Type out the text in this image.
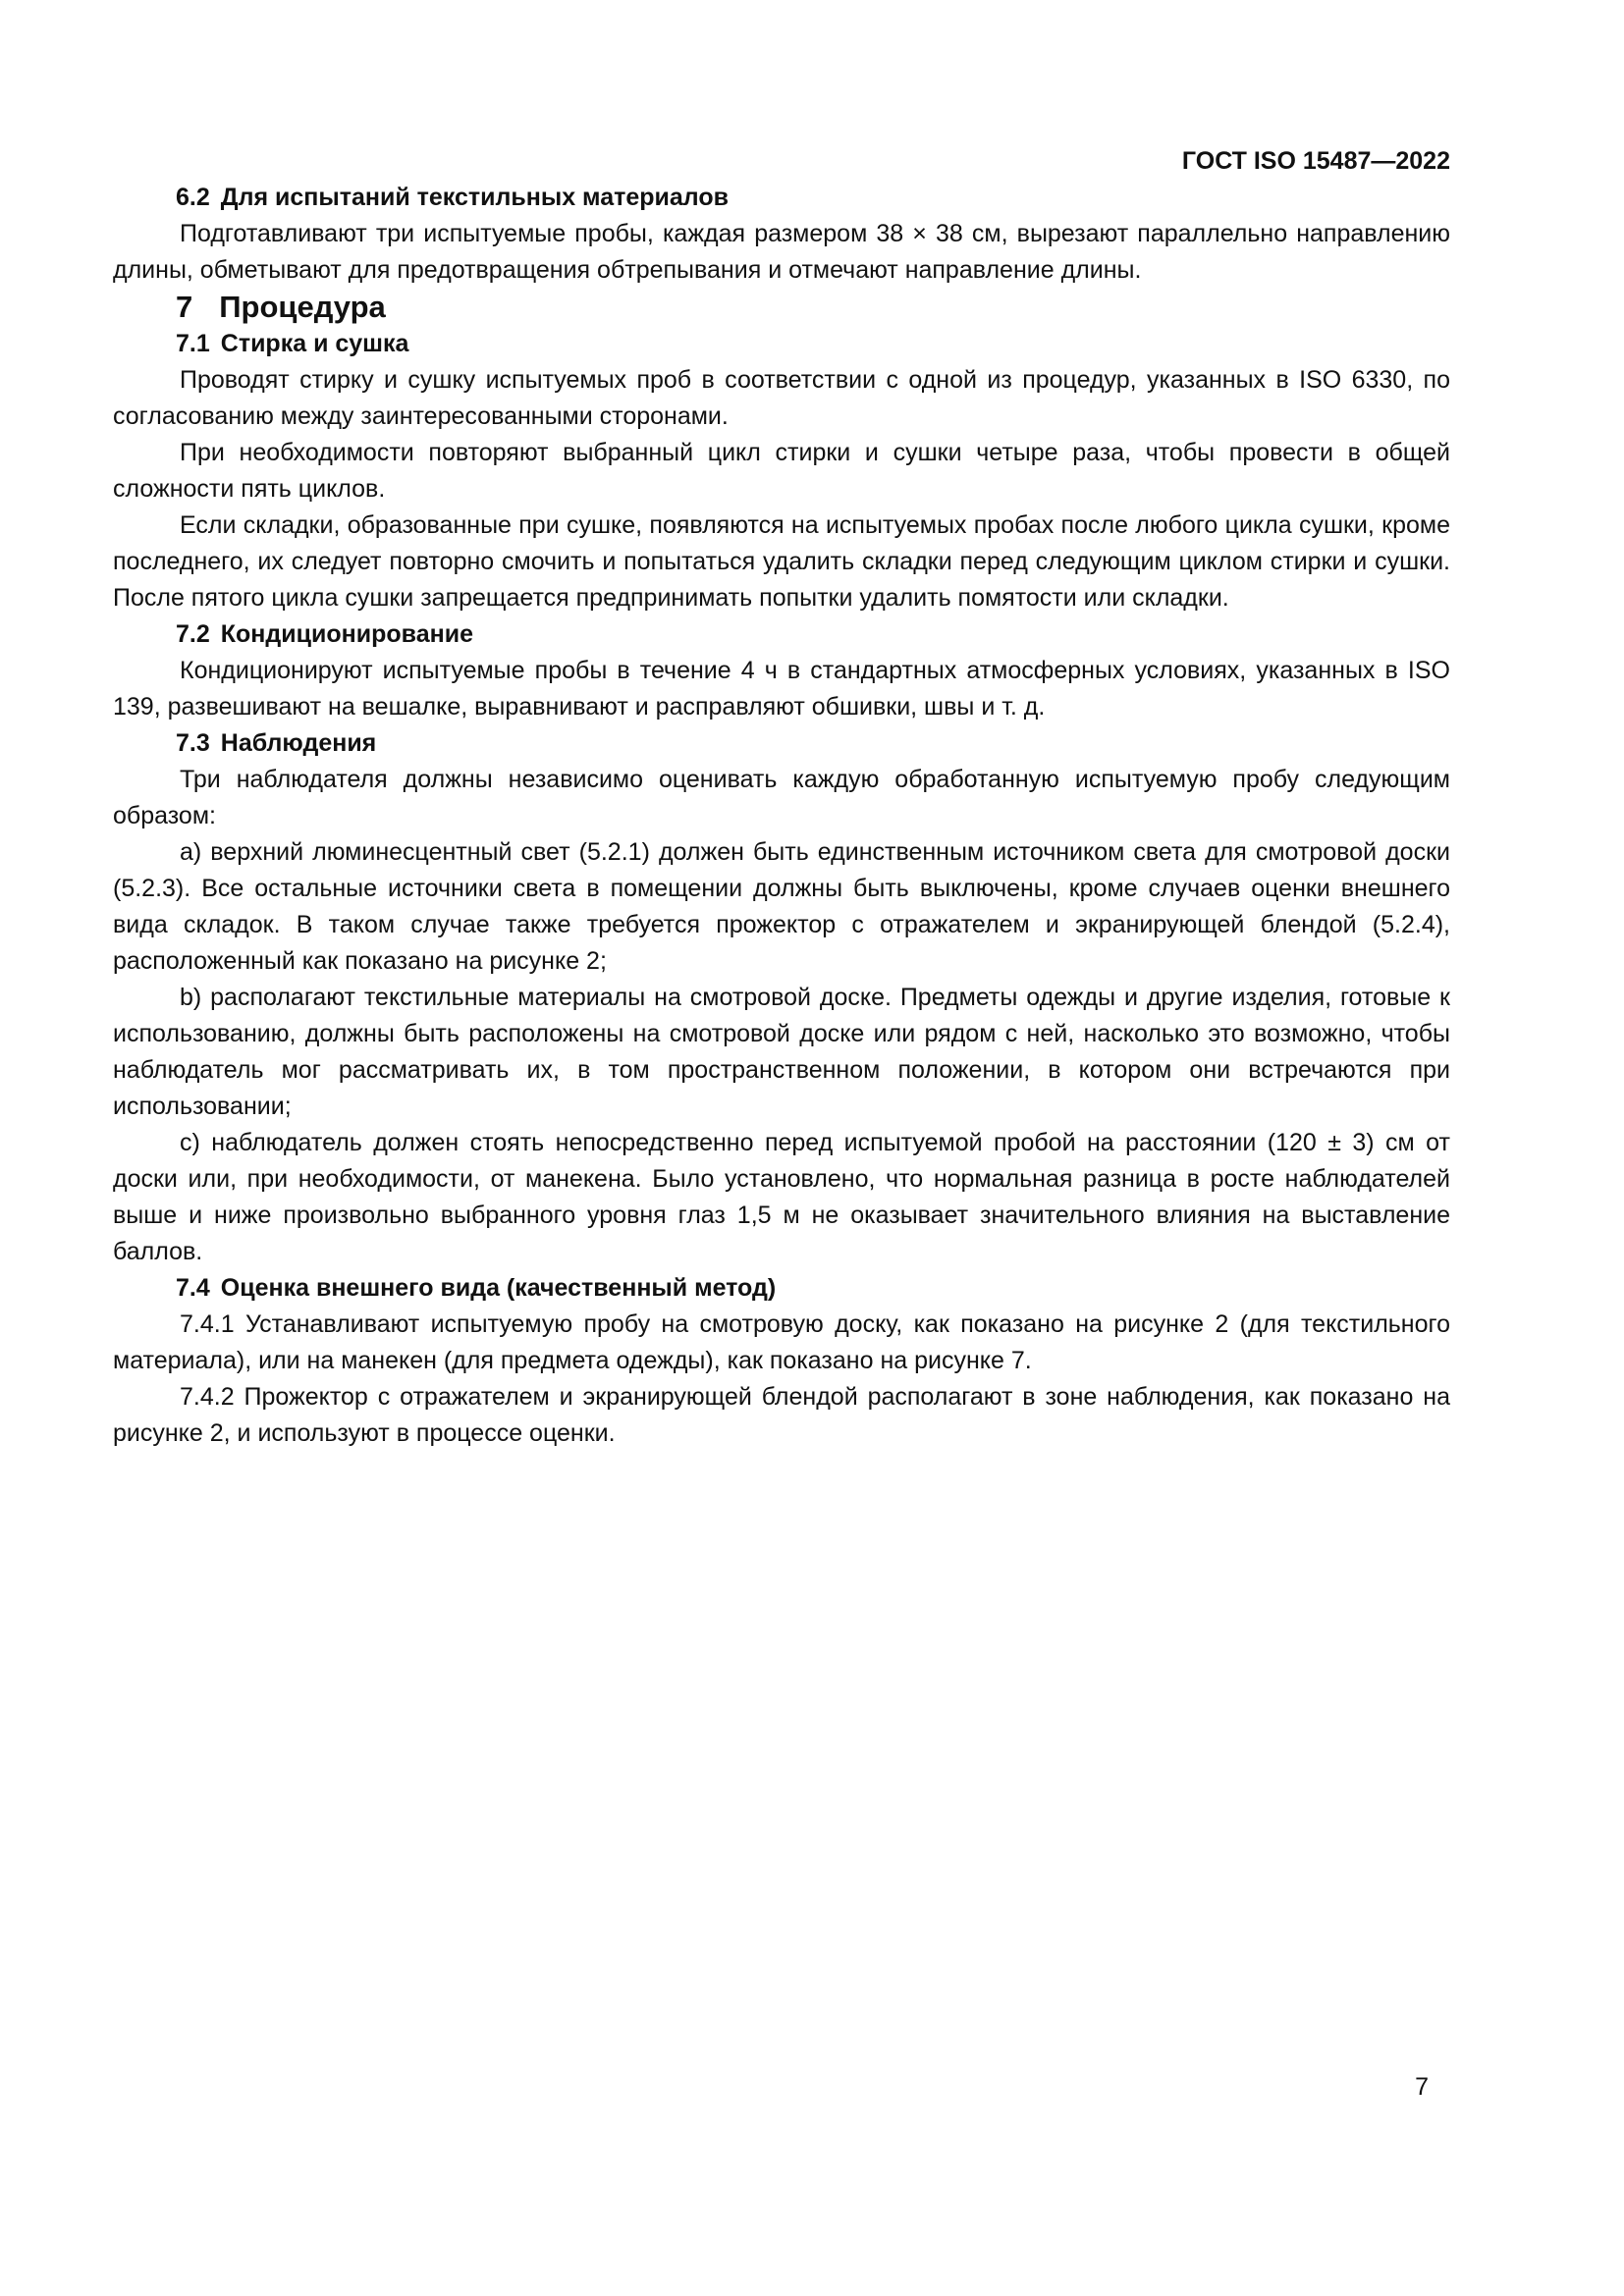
ГОСТ ISO 15487—2022

6.2 Для испытаний текстильных материалов

Подготавливают три испытуемые пробы, каждая размером 38 × 38 см, вырезают параллельно направлению длины, обметывают для предотвращения обтрепывания и отмечают направление длины.

7 Процедура
7.1 Стирка и сушка

Проводят стирку и сушку испытуемых проб в соответствии с одной из процедур, указанных в ISO 6330, по согласованию между заинтересованными сторонами.

При необходимости повторяют выбранный цикл стирки и сушки четыре раза, чтобы провести в общей сложности пять циклов.

Если складки, образованные при сушке, появляются на испытуемых пробах после любого цикла сушки, кроме последнего, их следует повторно смочить и попытаться удалить складки перед следующим циклом стирки и сушки. После пятого цикла сушки запрещается предпринимать попытки удалить помятости или складки.

7.2 Кондиционирование

Кондиционируют испытуемые пробы в течение 4 ч в стандартных атмосферных условиях, указанных в ISO 139, развешивают на вешалке, выравнивают и расправляют обшивки, швы и т. д.

7.3 Наблюдения

Три наблюдателя должны независимо оценивать каждую обработанную испытуемую пробу следующим образом:

a) верхний люминесцентный свет (5.2.1) должен быть единственным источником света для смотровой доски (5.2.3). Все остальные источники света в помещении должны быть выключены, кроме случаев оценки внешнего вида складок. В таком случае также требуется прожектор с отражателем и экранирующей блендой (5.2.4), расположенный как показано на рисунке 2;

b) располагают текстильные материалы на смотровой доске. Предметы одежды и другие изделия, готовые к использованию, должны быть расположены на смотровой доске или рядом с ней, насколько это возможно, чтобы наблюдатель мог рассматривать их, в том пространственном положении, в котором они встречаются при использовании;

c) наблюдатель должен стоять непосредственно перед испытуемой пробой на расстоянии (120 ± 3) см от доски или, при необходимости, от манекена. Было установлено, что нормальная разница в росте наблюдателей выше и ниже произвольно выбранного уровня глаз 1,5 м не оказывает значительного влияния на выставление баллов.

7.4 Оценка внешнего вида (качественный метод)

7.4.1 Устанавливают испытуемую пробу на смотровую доску, как показано на рисунке 2 (для текстильного материала), или на манекен (для предмета одежды), как показано на рисунке 7.

7.4.2 Прожектор с отражателем и экранирующей блендой располагают в зоне наблюдения, как показано на рисунке 2, и используют в процессе оценки.

7
